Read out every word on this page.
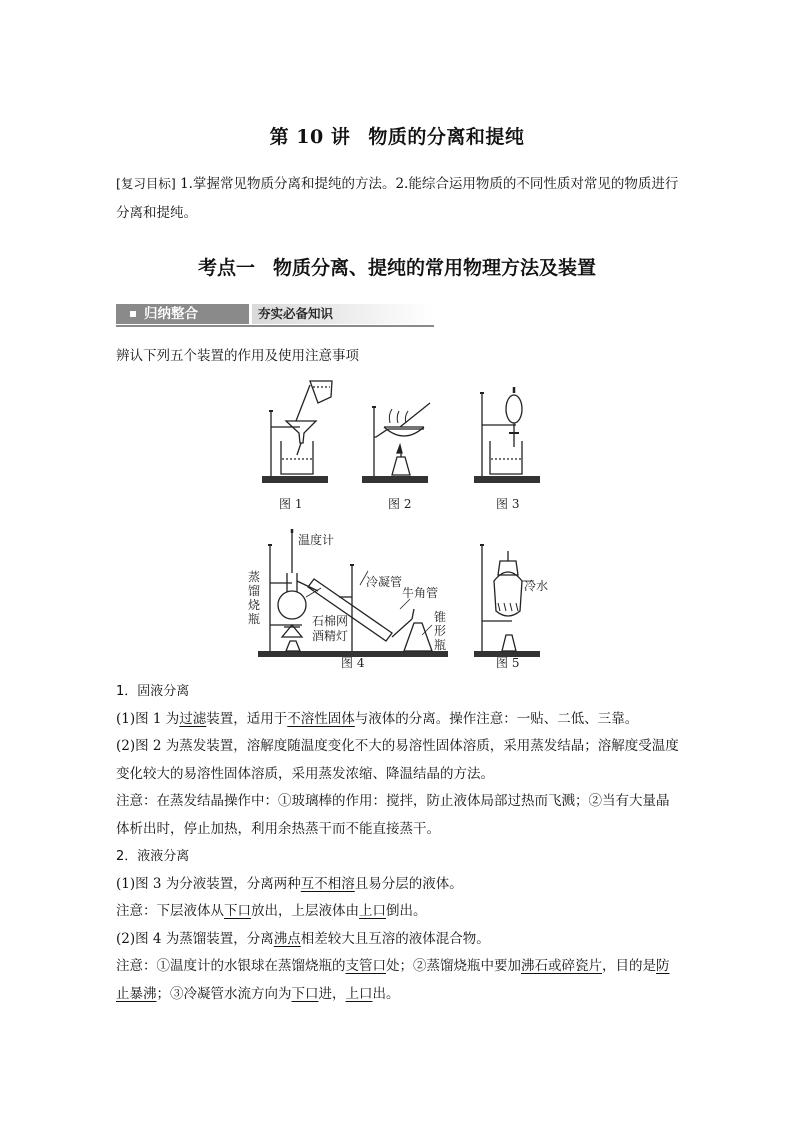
第 10 讲 物质的分离和提纯
[复习目标] 1.掌握常见物质分离和提纯的方法。2.能综合运用物质的不同性质对常见的物质进行分离和提纯。
考点一 物质分离、提纯的常用物理方法及装置
归纳整合	夯实必备知识
辨认下列五个装置的作用及使用注意事项
图 1	图 2	图 3
图 4	图 5
温度计
蒸
馏
烧
瓶
冷凝管
牛角管
石棉网
酒精灯
锥
形
瓶
冷水

1．固液分离

(1)图 1 为过滤装置，适用于不溶性固体与液体的分离。操作注意：一贴、二低、三靠。

(2)图 2 为蒸发装置，溶解度随温度变化不大的易溶性固体溶质，采用蒸发结晶；溶解度受温度变化较大的易溶性固体溶质，采用蒸发浓缩、降温结晶的方法。

注意：在蒸发结晶操作中：①玻璃棒的作用：搅拌，防止液体局部过热而飞溅；②当有大量晶体析出时，停止加热，利用余热蒸干而不能直接蒸干。

2．液液分离

(1)图 3 为分液装置，分离两种互不相溶且易分层的液体。

注意：下层液体从下口放出，上层液体由上口倒出。

(2)图 4 为蒸馏装置，分离沸点相差较大且互溶的液体混合物。

注意：①温度计的水银球在蒸馏烧瓶的支管口处；②蒸馏烧瓶中要加沸石或碎瓷片，目的是防止暴沸；③冷凝管水流方向为下口进，上口出。
